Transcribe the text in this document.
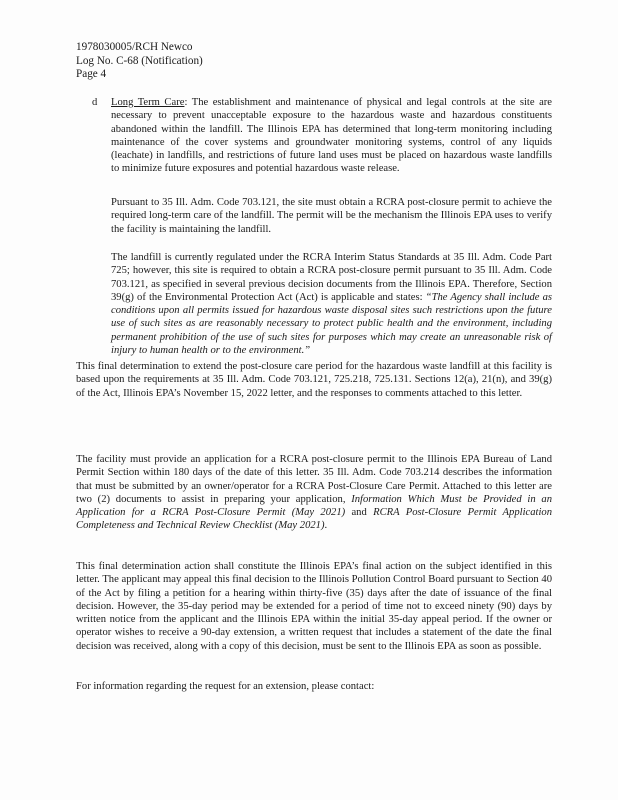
1978030005/RCH Newco
Log No. C-68 (Notification)
Page 4
d Long Term Care: The establishment and maintenance of physical and legal controls at the site are necessary to prevent unacceptable exposure to the hazardous waste and hazardous constituents abandoned within the landfill. The Illinois EPA has determined that long-term monitoring including maintenance of the cover systems and groundwater monitoring systems, control of any liquids (leachate) in landfills, and restrictions of future land uses must be placed on hazardous waste landfills to minimize future exposures and potential hazardous waste release.

Pursuant to 35 Ill. Adm. Code 703.121, the site must obtain a RCRA post-closure permit to achieve the required long-term care of the landfill. The permit will be the mechanism the Illinois EPA uses to verify the facility is maintaining the landfill.

The landfill is currently regulated under the RCRA Interim Status Standards at 35 Ill. Adm. Code Part 725; however, this site is required to obtain a RCRA post-closure permit pursuant to 35 Ill. Adm. Code 703.121, as specified in several previous decision documents from the Illinois EPA. Therefore, Section 39(g) of the Environmental Protection Act (Act) is applicable and states: “The Agency shall include as conditions upon all permits issued for hazardous waste disposal sites such restrictions upon the future use of such sites as are reasonably necessary to protect public health and the environment, including permanent prohibition of the use of such sites for purposes which may create an unreasonable risk of injury to human health or to the environment.”

This final determination to extend the post-closure care period for the hazardous waste landfill at this facility is based upon the requirements at 35 Ill. Adm. Code 703.121, 725.218, 725.131. Sections 12(a), 21(n), and 39(g) of the Act, Illinois EPA’s November 15, 2022 letter, and the responses to comments attached to this letter.

The facility must provide an application for a RCRA post-closure permit to the Illinois EPA Bureau of Land Permit Section within 180 days of the date of this letter. 35 Ill. Adm. Code 703.214 describes the information that must be submitted by an owner/operator for a RCRA Post-Closure Care Permit. Attached to this letter are two (2) documents to assist in preparing your application, Information Which Must be Provided in an Application for a RCRA Post-Closure Permit (May 2021) and RCRA Post-Closure Permit Application Completeness and Technical Review Checklist (May 2021).

This final determination action shall constitute the Illinois EPA’s final action on the subject identified in this letter. The applicant may appeal this final decision to the Illinois Pollution Control Board pursuant to Section 40 of the Act by filing a petition for a hearing within thirty-five (35) days after the date of issuance of the final decision. However, the 35-day period may be extended for a period of time not to exceed ninety (90) days by written notice from the applicant and the Illinois EPA within the initial 35-day appeal period. If the owner or operator wishes to receive a 90-day extension, a written request that includes a statement of the date the final decision was received, along with a copy of this decision, must be sent to the Illinois EPA as soon as possible.

For information regarding the request for an extension, please contact:
